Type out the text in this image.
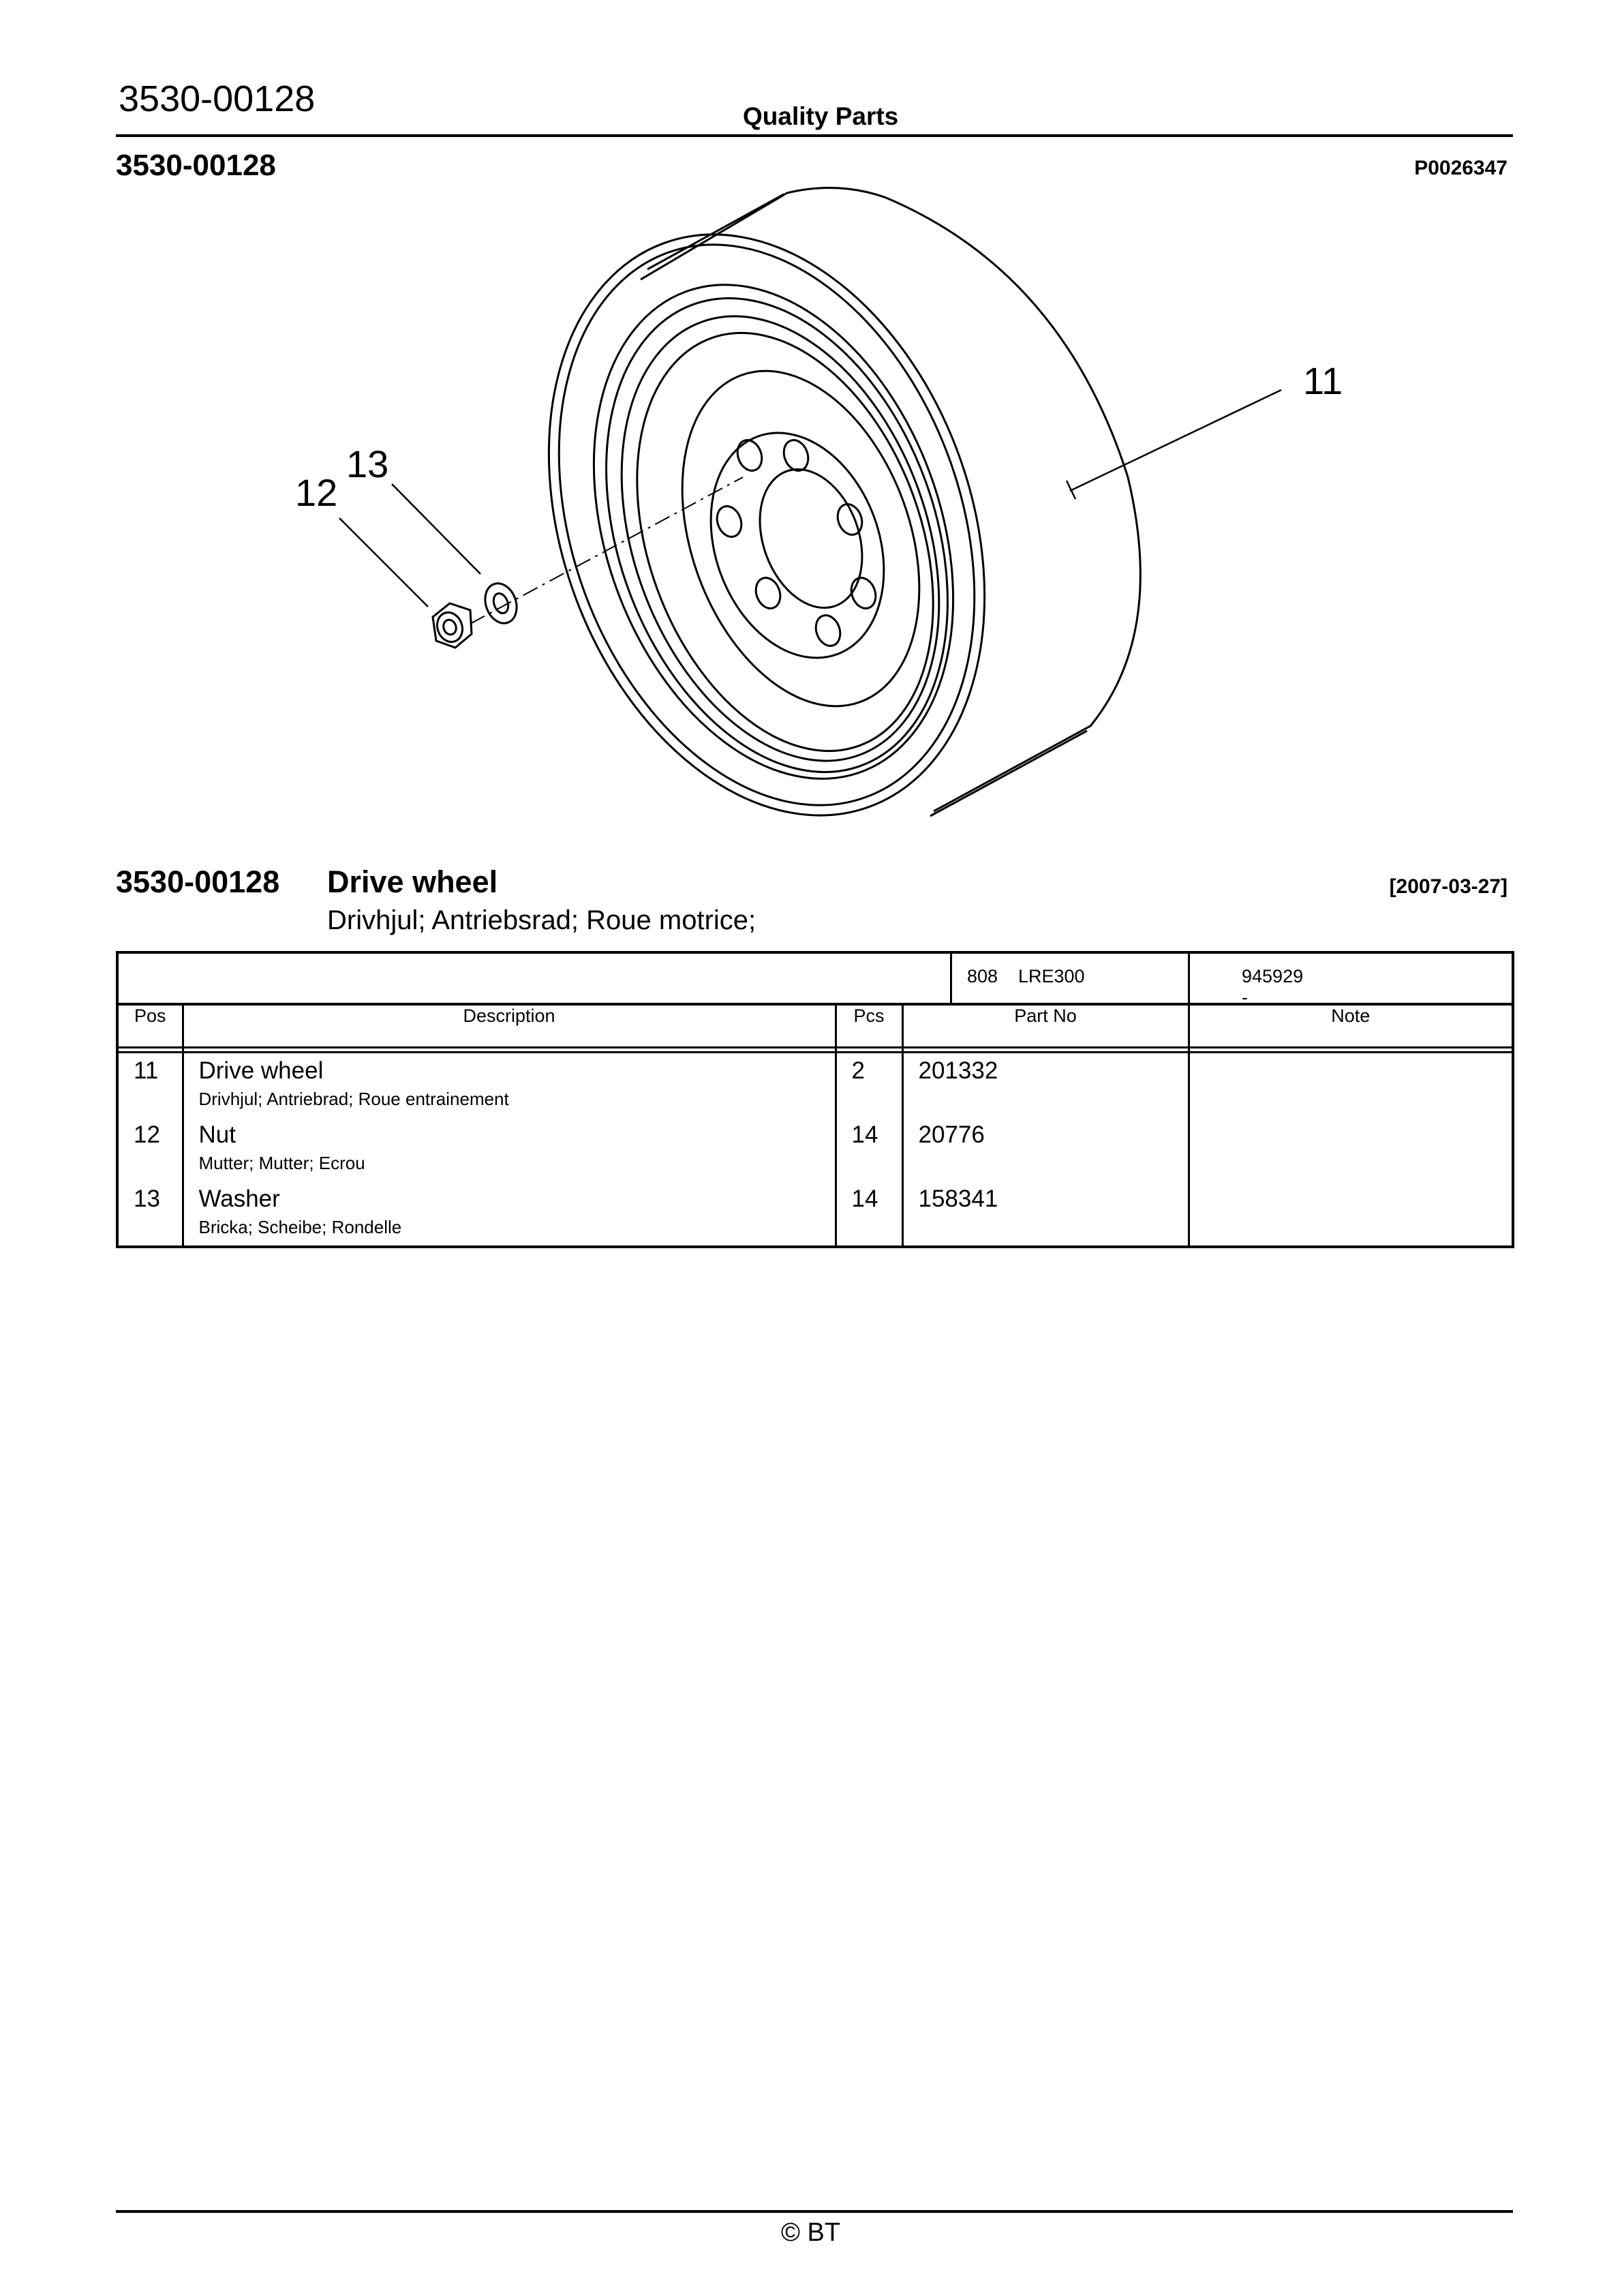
3530-00128	Quality Parts
3530-00128	P0026347
11
13
12
3530-00128 Drive wheel	[2007-03-27]
Drivhjul; Antriebsrad; Roue motrice;
808 LRE300 945929 -				

Pos	Description	Pcs	Part No	Note

11	Drive wheel
Drivhjul; Antriebrad; Roue entrainement	2	201332	
12	Nut
Mutter; Mutter; Ecrou	14	20776	
13	Washer
Bricka; Scheibe; Rondelle	14	158341	
© BT
